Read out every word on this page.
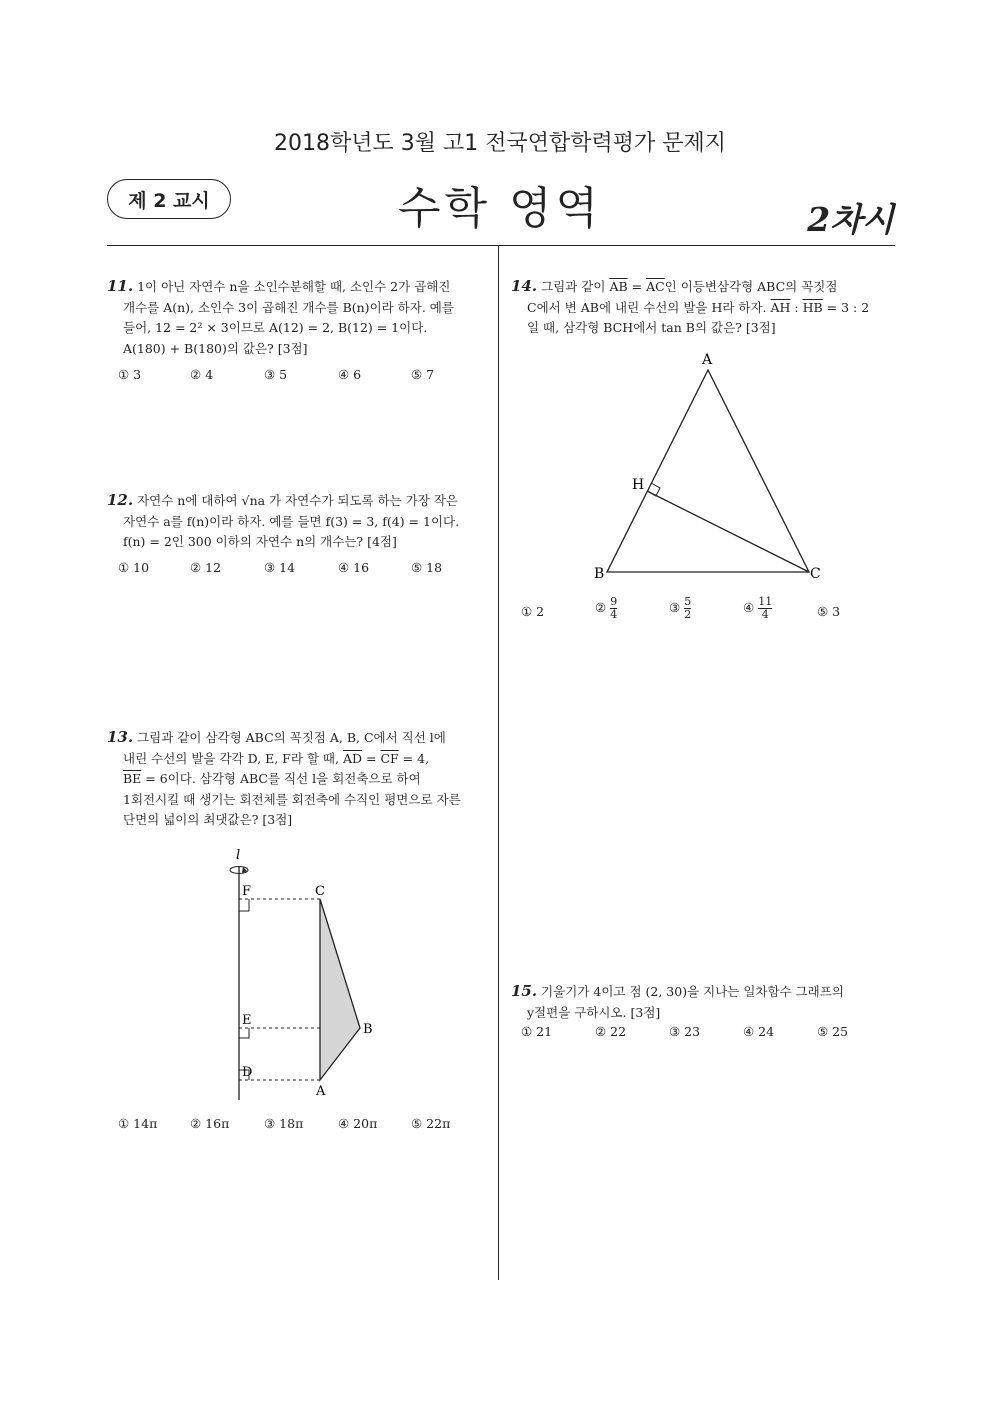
2018학년도 3월 고1 전국연합학력평가 문제지
제 2 교시	수학 영역	2차시

11. 1이 아닌 자연수 n을 소인수분해할 때, 소인수 2가 곱해진

개수를 A(n), 소인수 3이 곱해진 개수를 B(n)이라 하자. 예를

들어, 12 = 2² × 3이므로 A(12) = 2, B(12) = 1이다.

A(180) + B(180)의 값은? [3점]

① 3	② 4	③ 5	④ 6	⑤ 7

12. 자연수 n에 대하여 √na 가 자연수가 되도록 하는 가장 작은

자연수 a를 f(n)이라 하자. 예를 들면 f(3) = 3, f(4) = 1이다.

f(n) = 2인 300 이하의 자연수 n의 개수는? [4점]

① 10	② 12	③ 14	④ 16	⑤ 18

13. 그림과 같이 삼각형 ABC의 꼭짓점 A, B, C에서 직선 l에

내린 수선의 발을 각각 D, E, F라 할 때, $\overline{AD} = \overline{CF} = 4$,

$\overline{BE} = 6$이다. 삼각형 ABC를 직선 l을 회전축으로 하여

1회전시킬 때 생기는 회전체를 회전축에 수직인 평면으로 자른

단면의 넓이의 최댓값은? [3점]

l
F	C
E
B
D
A
① 14π	② 16π	③ 18π	④ 20π	⑤ 22π

14. 그림과 같이 $\overline{AB} = \overline{AC}$인 이등변삼각형 ABC의 꼭짓점

C에서 변 AB에 내린 수선의 발을 H라 하자. $\overline{AH}$ : $\overline{HB} = 3$ : 2

일 때, 삼각형 BCH에서 tan B의 값은? [3점]

A
H
B	C
① 2	② $\frac{9}{4}$	③ $\frac{5}{2}$	④ $\frac{11}{4}$	⑤ 3

15. 기울기가 4이고 점 (2, 30)을 지나는 일차함수 그래프의

y절편을 구하시오. [3점]

① 21	② 22	③ 23	④ 24	⑤ 25
